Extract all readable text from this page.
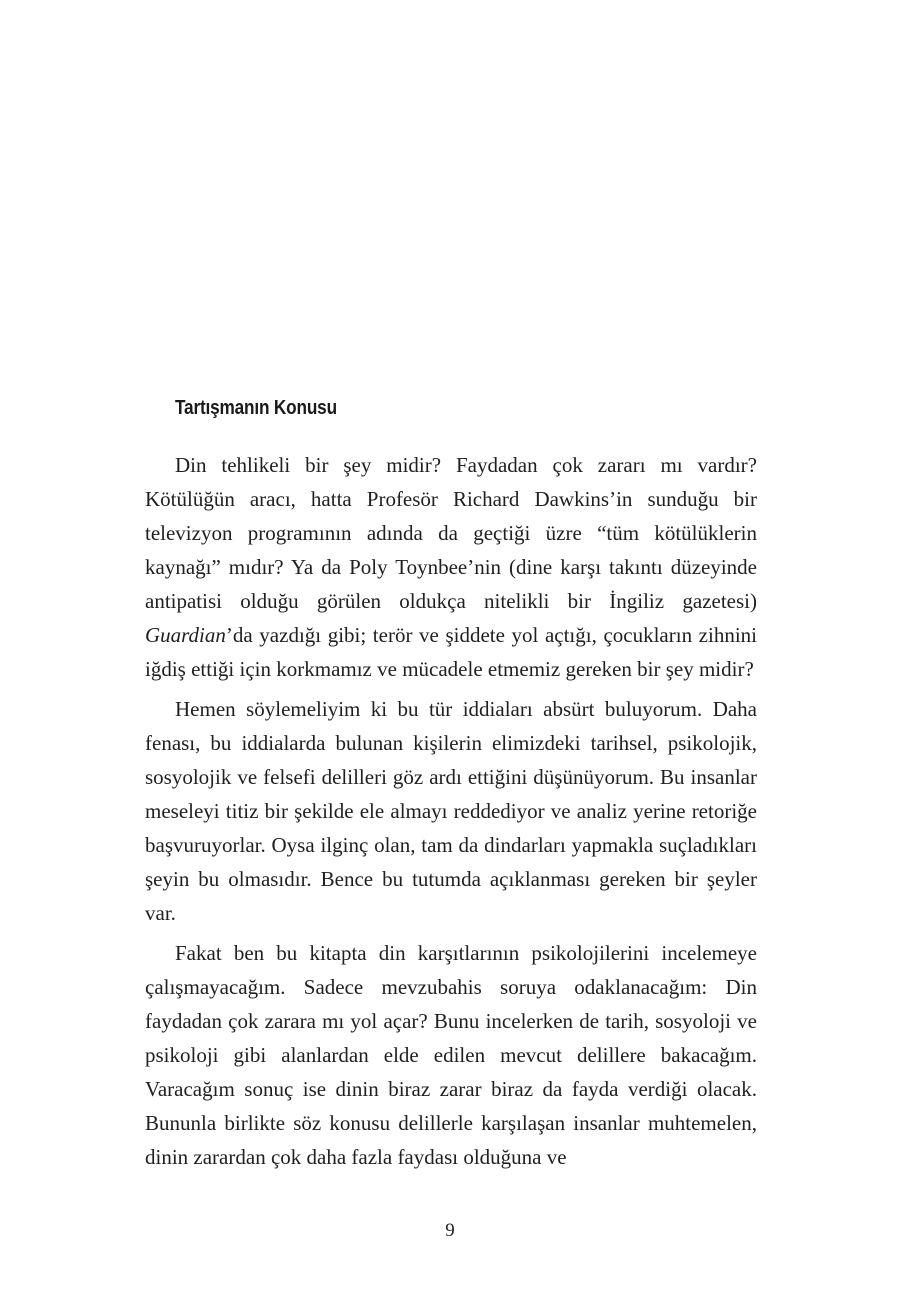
Tartışmanın Konusu

Din tehlikeli bir şey midir? Faydadan çok zararı mı vardır? Kötülüğün aracı, hatta Profesör Richard Dawkins’in sunduğu bir televizyon programının adında da geçtiği üzre “tüm kötülüklerin kaynağı” mıdır? Ya da Poly Toynbee’nin (dine karşı takıntı düzeyinde antipatisi olduğu görülen oldukça nitelikli bir İngiliz gazetesi) Guardian’da yazdığı gibi; terör ve şiddete yol açtığı, çocukların zihnini iğdiş ettiği için korkmamız ve mücadele etmemiz gereken bir şey midir?

Hemen söylemeliyim ki bu tür iddiaları absürt buluyorum. Daha fenası, bu iddialarda bulunan kişilerin elimizdeki tarihsel, psikolojik, sosyolojik ve felsefi delilleri göz ardı ettiğini düşünüyorum. Bu insanlar meseleyi titiz bir şekilde ele almayı reddediyor ve analiz yerine retoriğe başvuruyorlar. Oysa ilginç olan, tam da dindarları yapmakla suçladıkları şeyin bu olmasıdır. Bence bu tutumda açıklanması gereken bir şeyler var.

Fakat ben bu kitapta din karşıtlarının psikolojilerini incelemeye çalışmayacağım. Sadece mevzubahis soruya odaklanacağım: Din faydadan çok zarara mı yol açar? Bunu incelerken de tarih, sosyoloji ve psikoloji gibi alanlardan elde edilen mevcut delillere bakacağım. Varacağım sonuç ise dinin biraz zarar biraz da fayda verdiği olacak. Bununla birlikte söz konusu delillerle karşılaşan insanlar muhtemelen, dinin zarardan çok daha fazla faydası olduğuna ve

9
